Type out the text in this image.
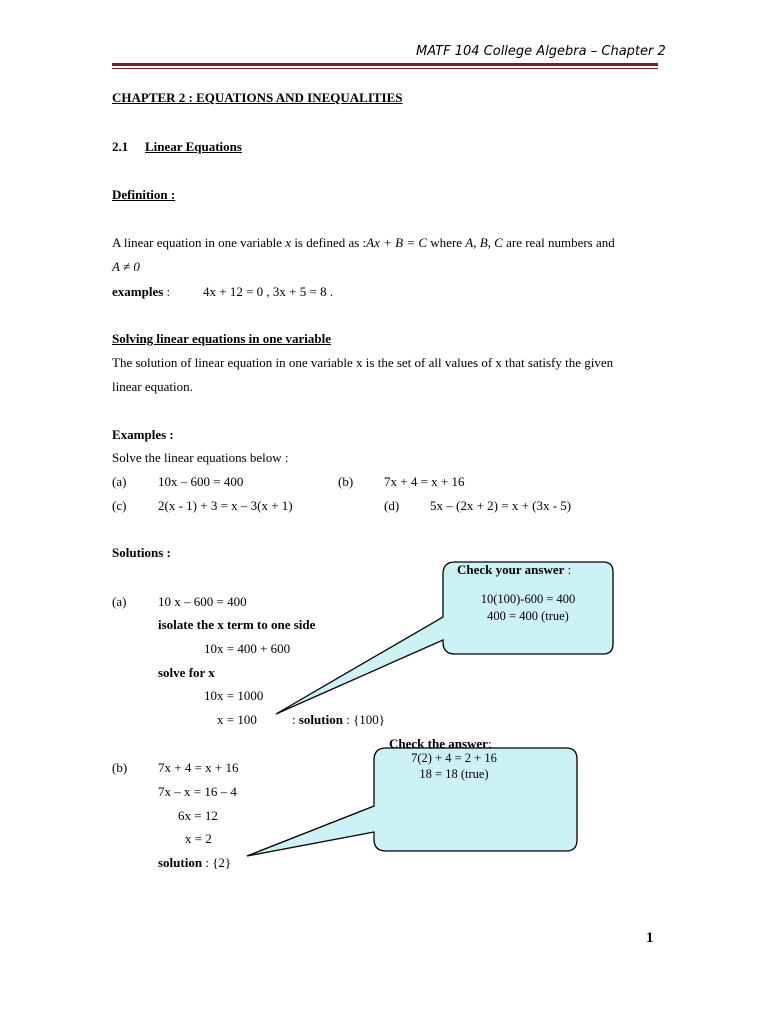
MATF 104 College Algebra – Chapter 2
CHAPTER 2 : EQUATIONS AND INEQUALITIES
2.1 Linear Equations
Definition :
A linear equation in one variable x is defined as :Ax + B = C where A, B, C are real numbers and
A ≠ 0
examples :	4x + 12 = 0 , 3x + 5 = 8 .
Solving linear equations in one variable
The solution of linear equation in one variable x is the set of all values of x that satisfy the given
linear equation.
Examples :
Solve the linear equations below :
(a) 10x – 600 = 400	(b) 7x + 4 = x + 16
(c) 2(x - 1) + 3 = x – 3(x + 1)	(d) 5x – (2x + 2) = x + (3x - 5)
Solutions :
Check your answer :
10(100)-600 = 400
400 = 400 (true)
(a) 10 x – 600 = 400
isolate the x term to one side
10x = 400 + 600
solve for x
10x = 1000
x = 100	: solution : {100}
Check the answer:
7(2) + 4 = 2 + 16
18 = 18 (true)
(b) 7x + 4 = x + 16
7x – x = 16 – 4
6x = 12
x = 2
solution : {2}
1
